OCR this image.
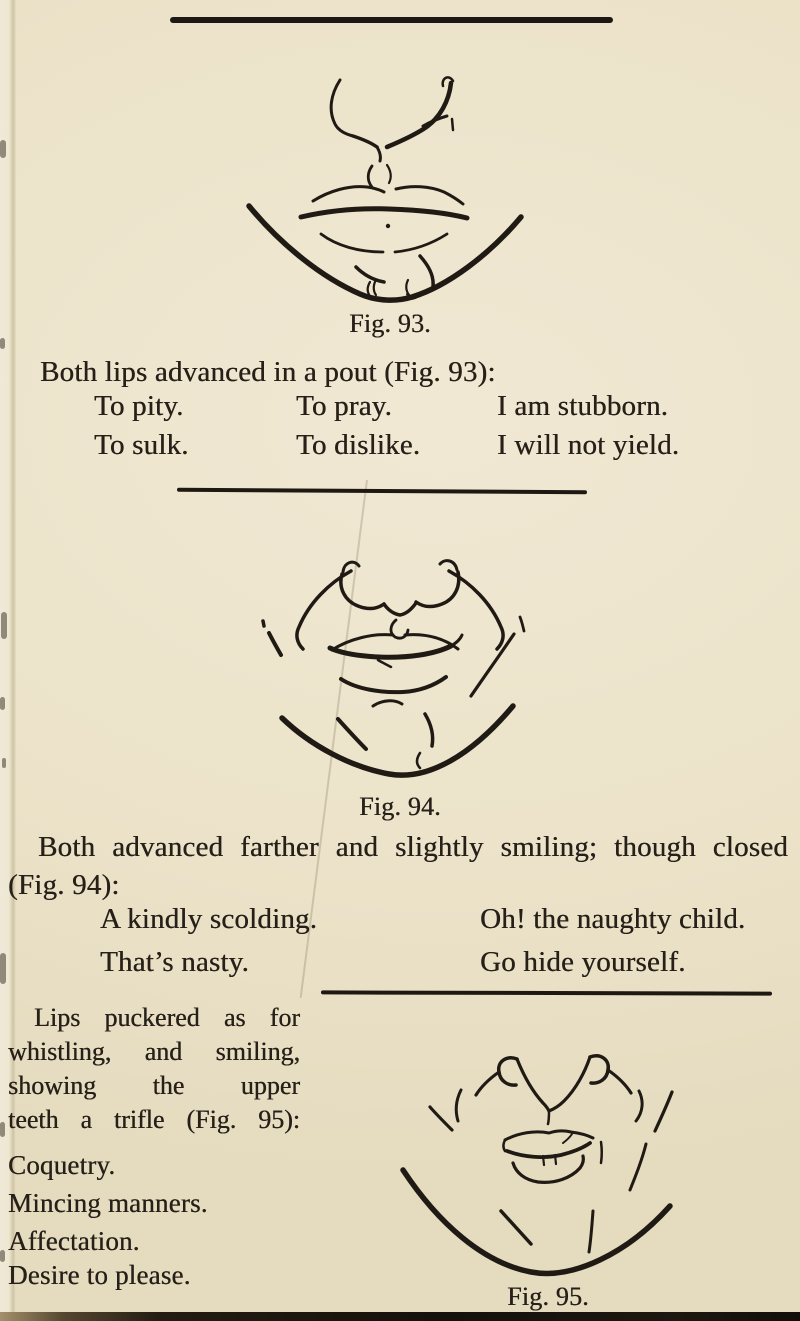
Fig. 93.
Both lips advanced in a pout (Fig. 93):
To pity.	To pray.	I am stubborn.
To sulk.	To dislike.	I will not yield.
Fig. 94.
Both advanced farther and slightly smiling; though closed
(Fig. 94):
A kindly scolding.	Oh! the naughty child.
That’s nasty.	Go hide yourself.
Lips puckered as for
whistling, and smiling,
showing the upper
teeth a trifle (Fig. 95):
Coquetry.
Mincing manners.
Affectation.
Desire to please.
Fig. 95.
